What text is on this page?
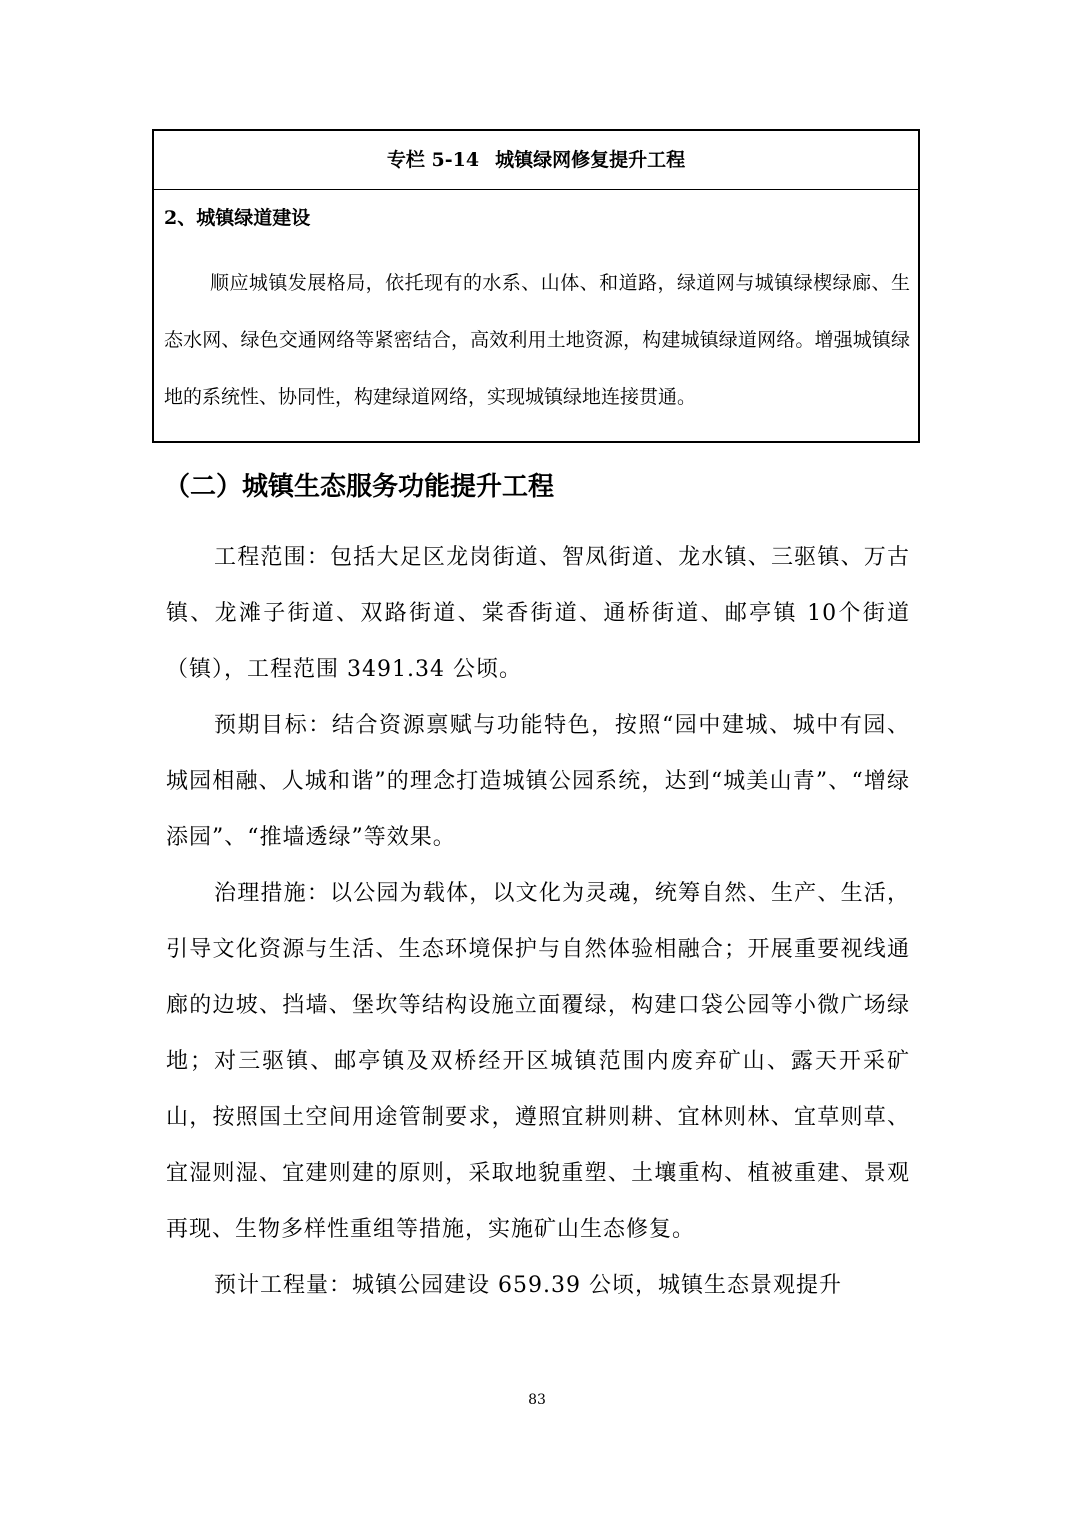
专栏 5-14 城镇绿网修复提升工程
2、城镇绿道建设

顺应城镇发展格局，依托现有的水系、山体、和道路，绿道网与城镇绿楔绿廊、生态水网、绿色交通网络等紧密结合，高效利用土地资源，构建城镇绿道网络。增强城镇绿地的系统性、协同性，构建绿道网络，实现城镇绿地连接贯通。

（二）城镇生态服务功能提升工程

工程范围：包括大足区龙岗街道、智凤街道、龙水镇、三驱镇、万古镇、龙滩子街道、双路街道、棠香街道、通桥街道、邮亭镇 10个街道（镇），工程范围 3491.34 公顷。

预期目标：结合资源禀赋与功能特色，按照“园中建城、城中有园、城园相融、人城和谐”的理念打造城镇公园系统，达到“城美山青”、“增绿添园”、“推墙透绿”等效果。

治理措施：以公园为载体，以文化为灵魂，统筹自然、生产、生活，引导文化资源与生活、生态环境保护与自然体验相融合；开展重要视线通廊的边坡、挡墙、堡坎等结构设施立面覆绿，构建口袋公园等小微广场绿地；对三驱镇、邮亭镇及双桥经开区城镇范围内废弃矿山、露天开采矿山，按照国土空间用途管制要求，遵照宜耕则耕、宜林则林、宜草则草、宜湿则湿、宜建则建的原则，采取地貌重塑、土壤重构、植被重建、景观再现、生物多样性重组等措施，实施矿山生态修复。

预计工程量：城镇公园建设 659.39 公顷，城镇生态景观提升

83
